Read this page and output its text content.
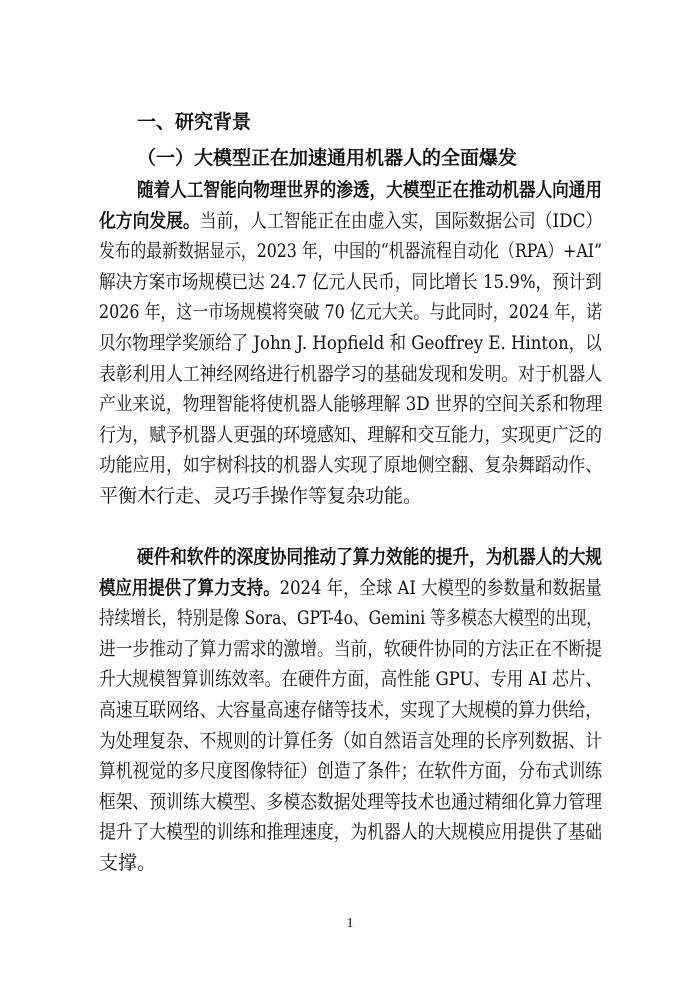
一、研究背景
（一）大模型正在加速通用机器人的全面爆发
随着人工智能向物理世界的渗透，大模型正在推动机器人向通用
化方向发展。当前，人工智能正在由虚入实，国际数据公司（IDC）
发布的最新数据显示，2023 年，中国的“机器流程自动化（RPA）+AI”
解决方案市场规模已达 24.7 亿元人民币，同比增长 15.9%，预计到
2026 年，这一市场规模将突破 70 亿元大关。与此同时，2024 年，诺
贝尔物理学奖颁给了 John J. Hopfield 和 Geoffrey E. Hinton，以
表彰利用人工神经网络进行机器学习的基础发现和发明。对于机器人
产业来说，物理智能将使机器人能够理解 3D 世界的空间关系和物理
行为，赋予机器人更强的环境感知、理解和交互能力，实现更广泛的
功能应用，如宇树科技的机器人实现了原地侧空翻、复杂舞蹈动作、
平衡木行走、灵巧手操作等复杂功能。
硬件和软件的深度协同推动了算力效能的提升，为机器人的大规
模应用提供了算力支持。2024 年，全球 AI 大模型的参数量和数据量
持续增长，特别是像 Sora、GPT-4o、Gemini 等多模态大模型的出现，
进一步推动了算力需求的激增。当前，软硬件协同的方法正在不断提
升大规模智算训练效率。在硬件方面，高性能 GPU、专用 AI 芯片、
高速互联网络、大容量高速存储等技术，实现了大规模的算力供给，
为处理复杂、不规则的计算任务（如自然语言处理的长序列数据、计
算机视觉的多尺度图像特征）创造了条件；在软件方面，分布式训练
框架、预训练大模型、多模态数据处理等技术也通过精细化算力管理
提升了大模型的训练和推理速度，为机器人的大规模应用提供了基础
支撑。
1
